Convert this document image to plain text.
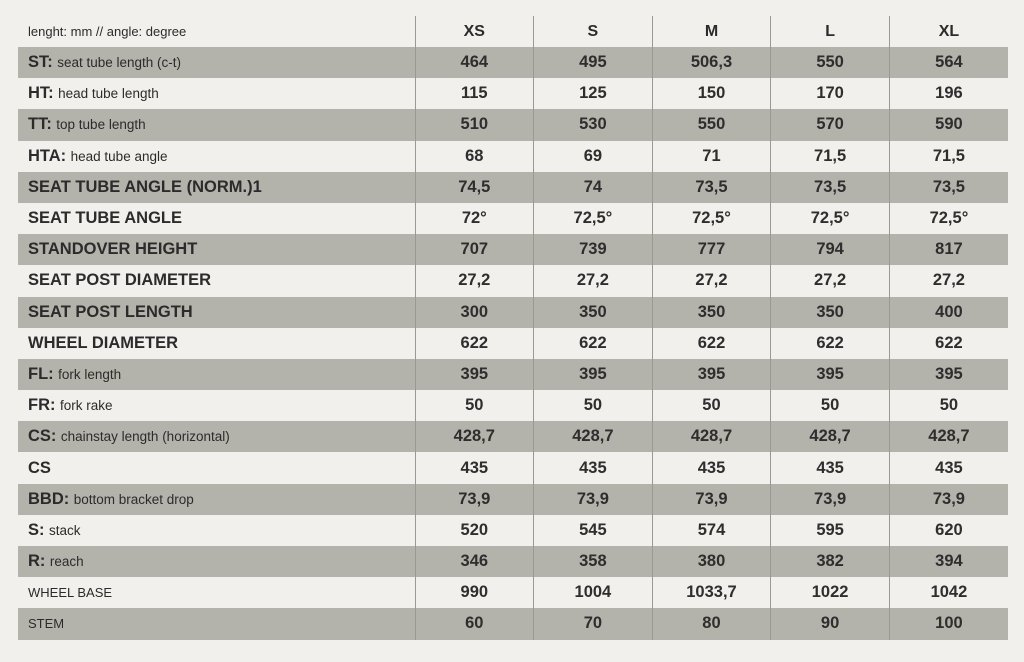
lenght: mm // angle: degree	XS	S	M	L	XL
ST: seat tube length (c-t)	464	495	506,3	550	564
HT: head tube length	115	125	150	170	196
TT: top tube length	510	530	550	570	590
HTA: head tube angle	68	69	71	71,5	71,5
SEAT TUBE ANGLE (NORM.)1	74,5	74	73,5	73,5	73,5
SEAT TUBE ANGLE	72°	72,5°	72,5°	72,5°	72,5°
STANDOVER HEIGHT	707	739	777	794	817
SEAT POST DIAMETER	27,2	27,2	27,2	27,2	27,2
SEAT POST LENGTH	300	350	350	350	400
WHEEL DIAMETER	622	622	622	622	622
FL: fork length	395	395	395	395	395
FR: fork rake	50	50	50	50	50
CS: chainstay length (horizontal)	428,7	428,7	428,7	428,7	428,7
CS	435	435	435	435	435
BBD: bottom bracket drop	73,9	73,9	73,9	73,9	73,9
S: stack	520	545	574	595	620
R: reach	346	358	380	382	394
WHEEL BASE	990	1004	1033,7	1022	1042
STEM	60	70	80	90	100
